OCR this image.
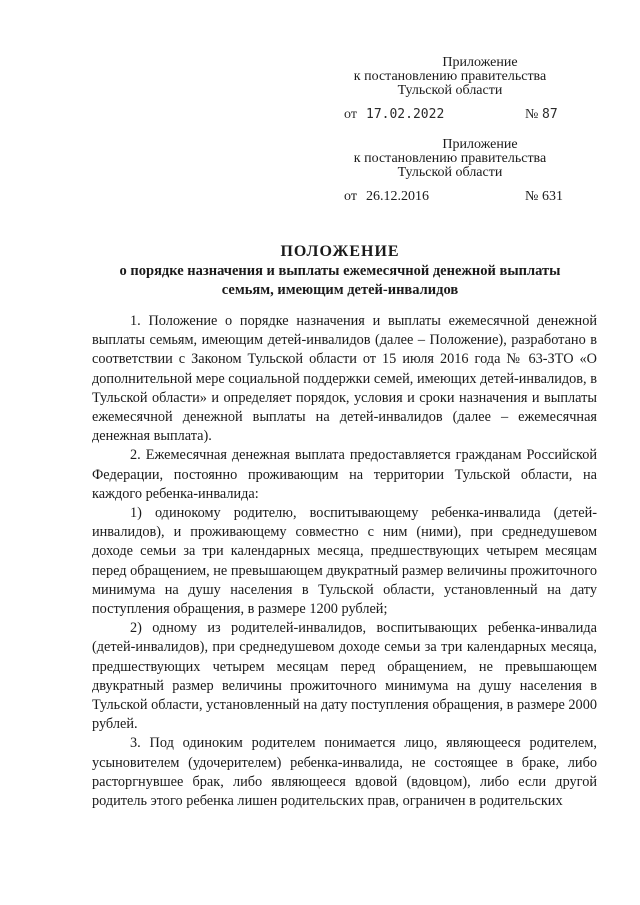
Приложение
к постановлению правительства
Тульской области
от 17.02.2022	№ 87
Приложение
к постановлению правительства
Тульской области
от 26.12.2016	№ 631
ПОЛОЖЕНИЕ
о порядке назначения и выплаты ежемесячной денежной выплаты
семьям, имеющим детей-инвалидов

1. Положение о порядке назначения и выплаты ежемесячной денежной выплаты семьям, имеющим детей-инвалидов (далее – Положение), разработано в соответствии с Законом Тульской области от 15 июля 2016 года № 63-ЗТО «О дополнительной мере социальной поддержки семей, имеющих детей-инвалидов, в Тульской области» и определяет порядок, условия и сроки назначения и выплаты ежемесячной денежной выплаты на детей-инвалидов (далее – ежемесячная денежная выплата).

2. Ежемесячная денежная выплата предоставляется гражданам Российской Федерации, постоянно проживающим на территории Тульской области, на каждого ребенка-инвалида:

1) одинокому родителю, воспитывающему ребенка-инвалида (детей-инвалидов), и проживающему совместно с ним (ними), при среднедушевом доходе семьи за три календарных месяца, предшествующих четырем месяцам перед обращением, не превышающем двукратный размер величины прожиточного минимума на душу населения в Тульской области, установленный на дату поступления обращения, в размере 1200 рублей;

2) одному из родителей-инвалидов, воспитывающих ребенка-инвалида (детей-инвалидов), при среднедушевом доходе семьи за три календарных месяца, предшествующих четырем месяцам перед обращением, не превышающем двукратный размер величины прожиточного минимума на душу населения в Тульской области, установленный на дату поступления обращения, в размере 2000 рублей.

3. Под одиноким родителем понимается лицо, являющееся родителем, усыновителем (удочерителем) ребенка-инвалида, не состоящее в браке, либо расторгнувшее брак, либо являющееся вдовой (вдовцом), либо если другой родитель этого ребенка лишен родительских прав, ограничен в родительских
